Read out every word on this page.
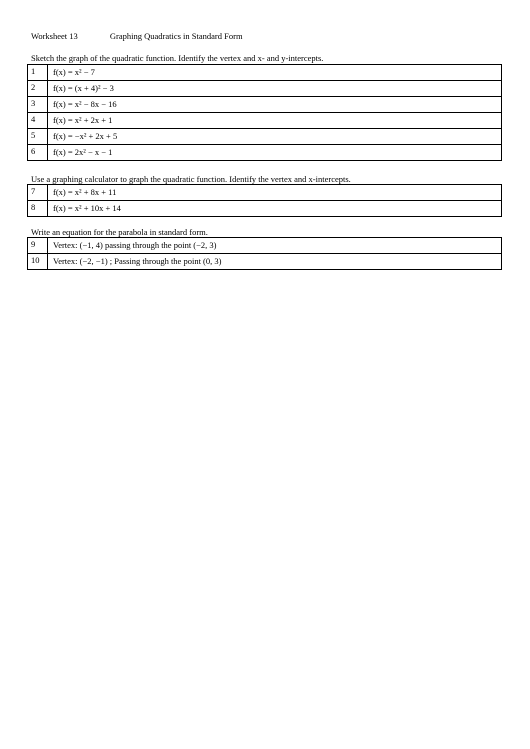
Worksheet 13	Graphing Quadratics in Standard Form
Sketch the graph of the quadratic function. Identify the vertex and x- and y-intercepts.
1	f(x) = x² − 7
2	f(x) = (x + 4)² − 3
3	f(x) = x² − 8x − 16
4	f(x) = x² + 2x + 1
5	f(x) = −x² + 2x + 5
6	f(x) = 2x² − x − 1
Use a graphing calculator to graph the quadratic function. Identify the vertex and x-intercepts.
7	f(x) = x² + 8x + 11
8	f(x) = x² + 10x + 14
Write an equation for the parabola in standard form.
9	Vertex: (−1, 4) passing through the point (−2, 3)
10	Vertex: (−2, −1) ; Passing through the point (0, 3)
